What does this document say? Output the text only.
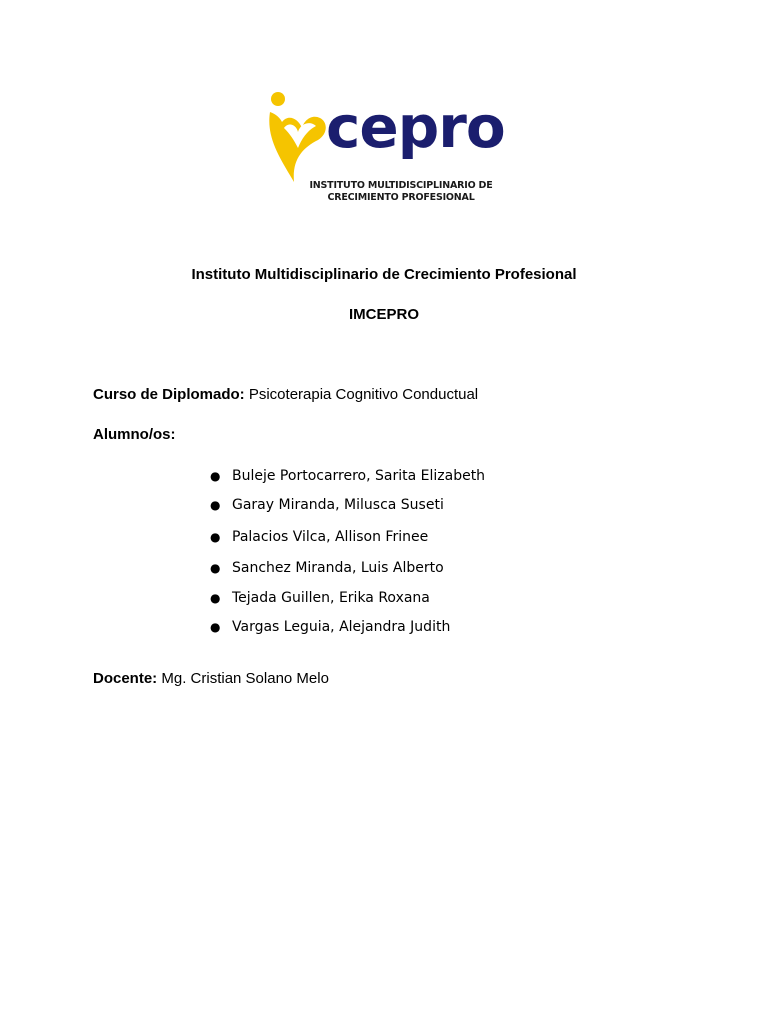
cepro
INSTITUTO MULTIDISCIPLINARIO DE
CRECIMIENTO PROFESIONAL
Instituto Multidisciplinario de Crecimiento Profesional
IMCEPRO
Curso de Diplomado: Psicoterapia Cognitivo Conductual
Alumno/os:
● Buleje Portocarrero, Sarita Elizabeth
● Garay Miranda, Milusca Suseti
● Palacios Vilca, Allison Frinee
● Sanchez Miranda, Luis Alberto
● Tejada Guillen, Erika Roxana
● Vargas Leguia, Alejandra Judith
Docente: Mg. Cristian Solano Melo
